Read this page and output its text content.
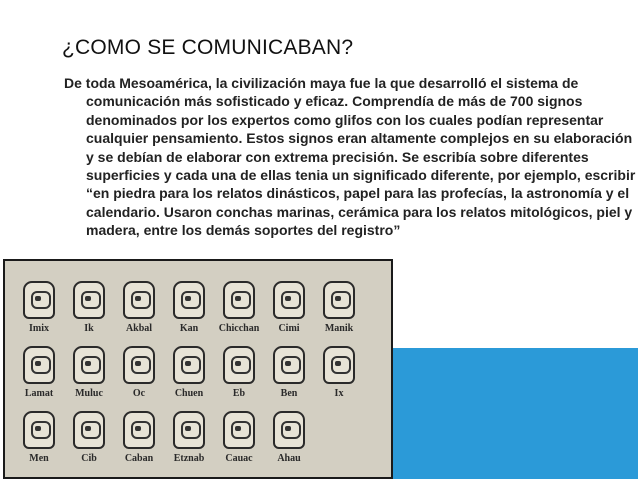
¿COMO SE COMUNICABAN?
De toda Mesoamérica, la civilización maya fue la que desarrolló el sistema de comunicación más sofisticado y eficaz. Comprendía de más de 700 signos denominados por los expertos como glifos con los cuales podían representar cualquier pensamiento. Estos signos eran altamente complejos en su elaboración y se debían de elaborar con extrema precisión. Se escribía sobre diferentes superficies y cada una de ellas tenia un significado diferente, por ejemplo, escribir “en piedra para los relatos dinásticos, papel para las profecías, la astronomía y el calendario. Usaron conchas marinas, cerámica para los relatos mitológicos, piel y madera, entre los demás soportes del registro”
Imix	Ik	Akbal	Kan	Chicchan	Cimi	Manik
Lamat	Muluc	Oc	Chuen	Eb	Ben	Ix
Men	Cib	Caban	Etznab	Cauac	Ahau
